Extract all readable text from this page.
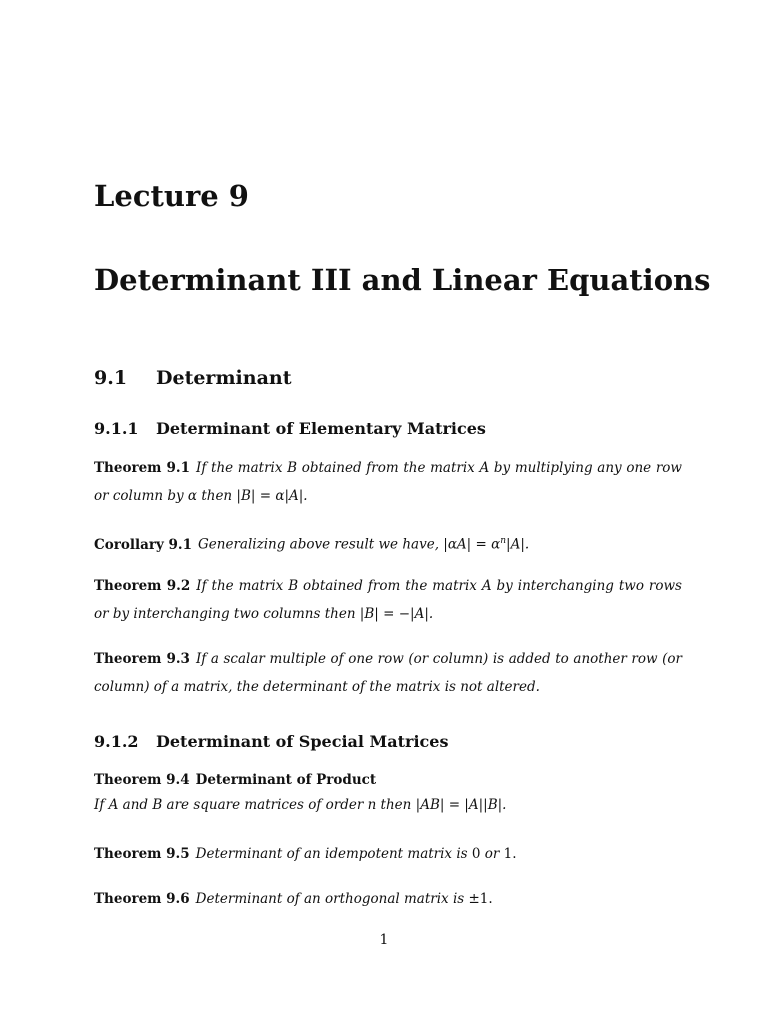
Lecture 9
Determinant III and Linear Equations
9.1 Determinant
9.1.1 Determinant of Elementary Matrices
Theorem 9.1 If the matrix B obtained from the matrix A by multiplying any one row or column by α then |B| = α|A|.
Corollary 9.1 Generalizing above result we have, $|\alpha A| = \alpha^n|A|$.
Theorem 9.2 If the matrix B obtained from the matrix A by interchanging two rows or by interchanging two columns then |B| = −|A|.
Theorem 9.3 If a scalar multiple of one row (or column) is added to another row (or column) of a matrix, the determinant of the matrix is not altered.
9.1.2 Determinant of Special Matrices
Theorem 9.4 Determinant of Product
If A and B are square matrices of order n then |AB| = |A||B|.
Theorem 9.5 Determinant of an idempotent matrix is 0 or 1.
Theorem 9.6 Determinant of an orthogonal matrix is ±1.
1
